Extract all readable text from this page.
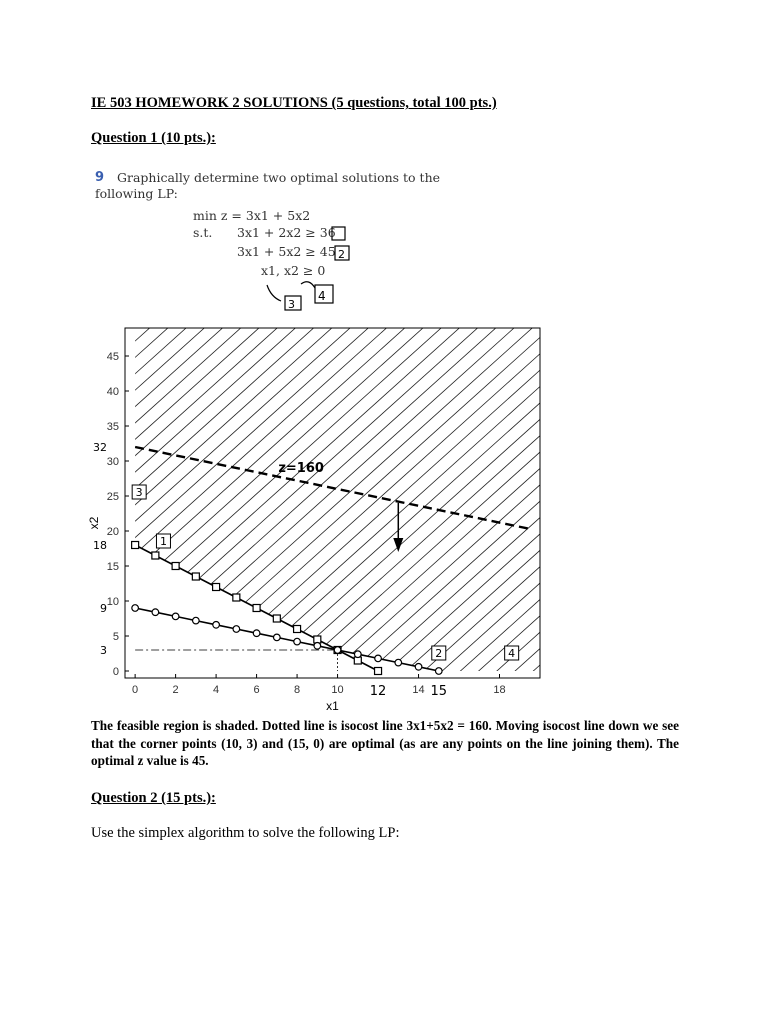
IE 503 HOMEWORK 2 SOLUTIONS (5 questions, total 100 pts.)
Question 1 (10 pts.):
9 Graphically determine two optimal solutions to the
following LP:
min z = 3x1 + 5x2
s.t. 3x1 + 2x2 ≥ 36
3x1 + 5x2 ≥ 45
x1, x2 ≥ 0
3
4
2
0	2	4	6	8	10	14	18
0
5
10
15
20
25
30
35
40
45
32
18
9
3
12	15
x1
x2
z=160
1
2
3
4
The feasible region is shaded. Dotted line is isocost line 3x1+5x2 = 160. Moving isocost line down we see that the corner points (10, 3) and (15, 0) are optimal (as are any points on the line joining them). The optimal z value is 45.
Question 2 (15 pts.):
Use the simplex algorithm to solve the following LP:
